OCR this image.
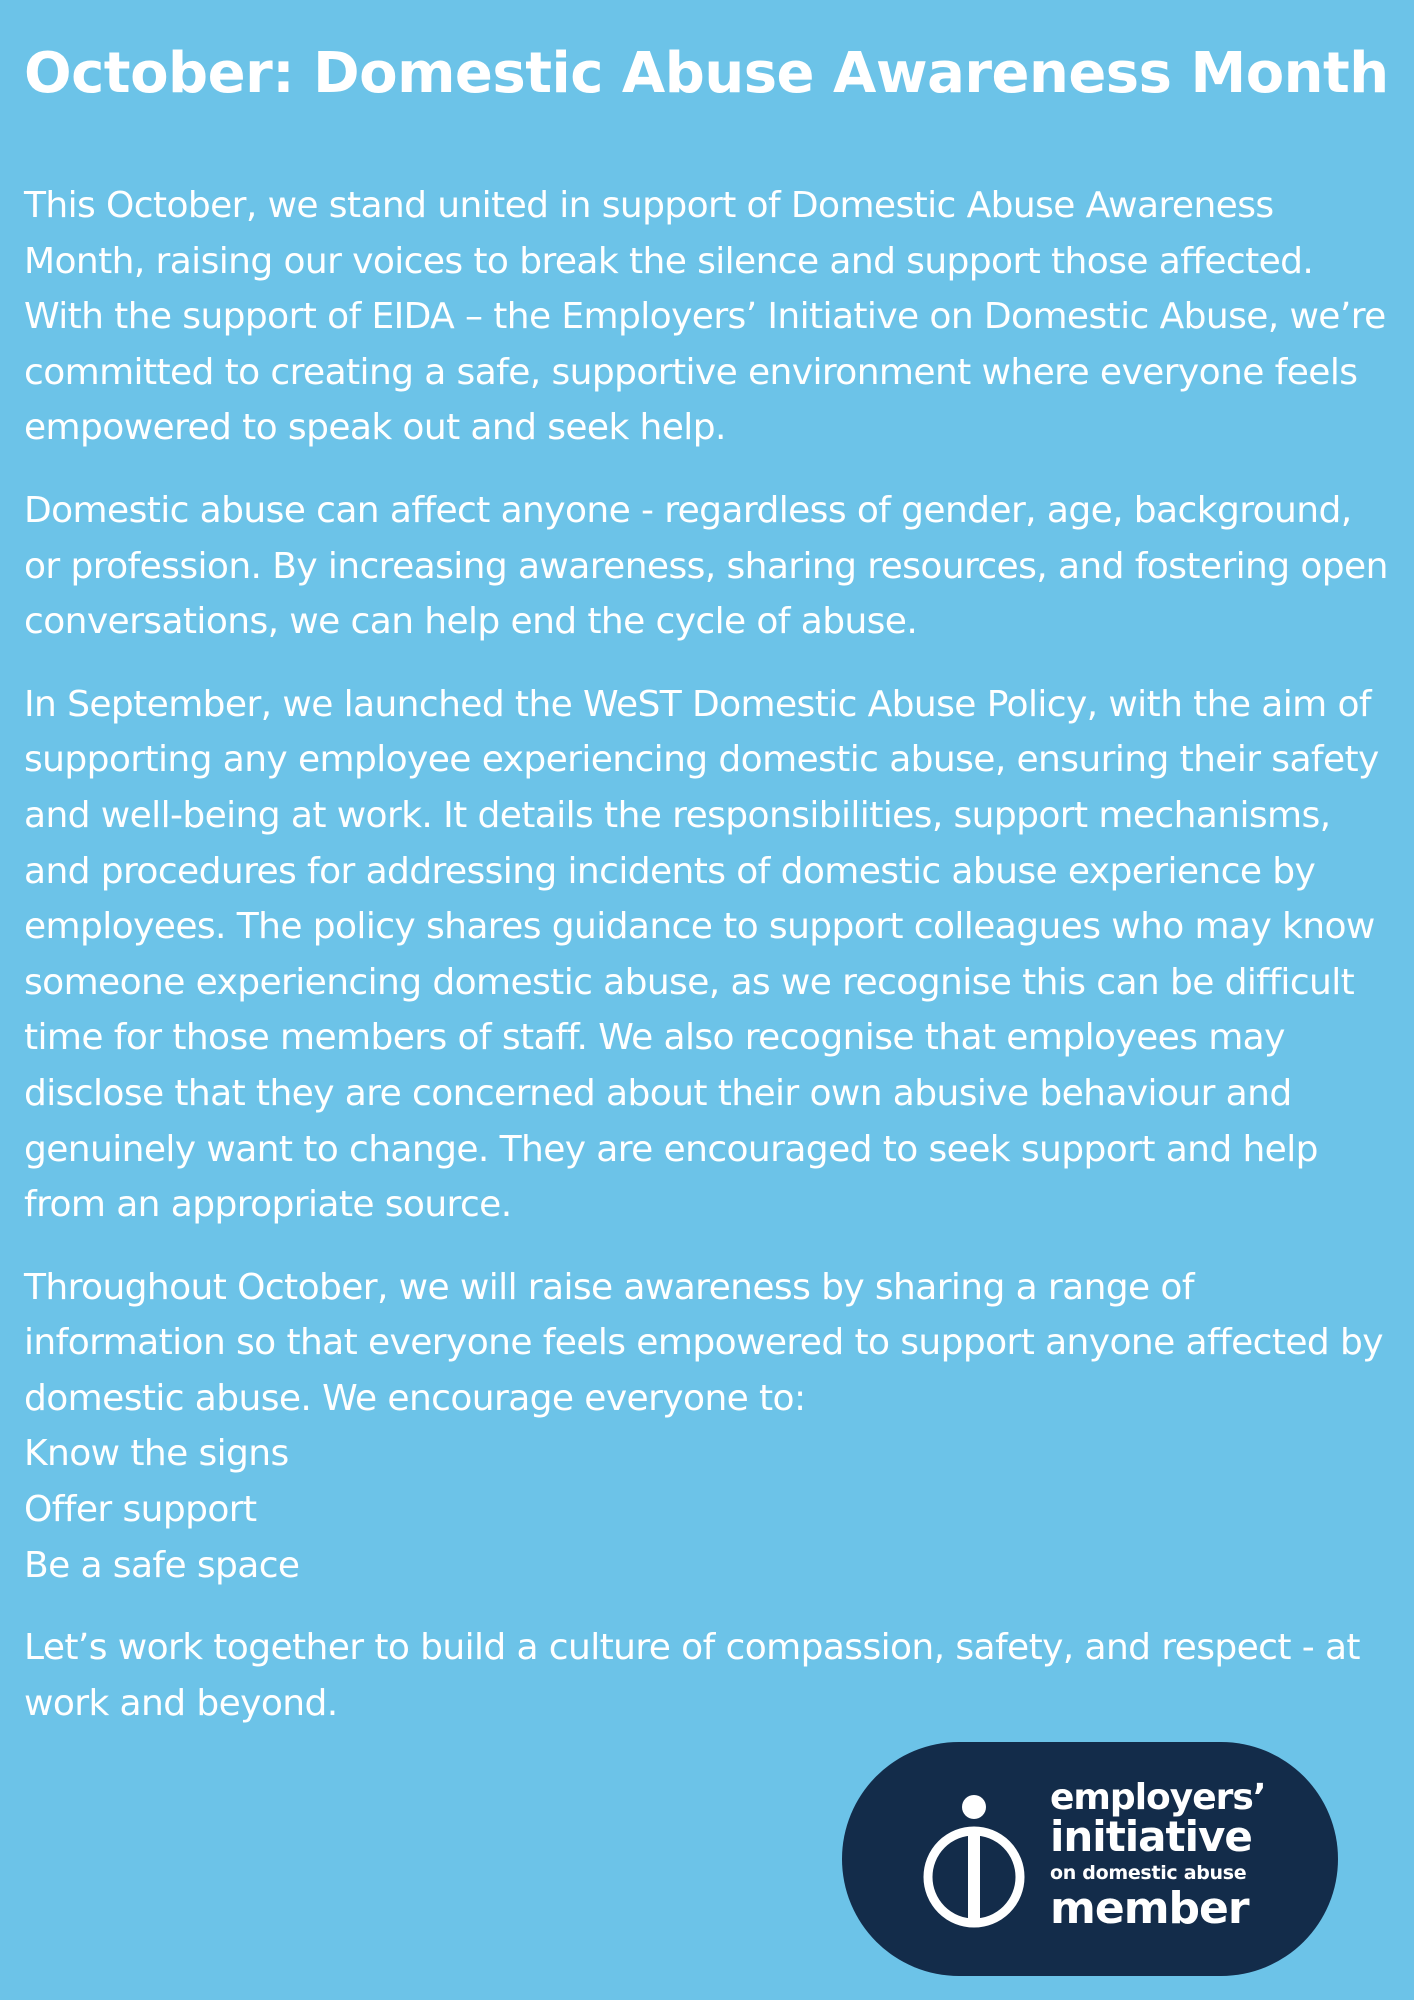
October: Domestic Abuse Awareness Month

This October, we stand united in support of Domestic Abuse Awareness Month, raising our voices to break the silence and support those affected. With the support of EIDA – the Employers’ Initiative on Domestic Abuse, we’re committed to creating a safe, supportive environment where everyone feels empowered to speak out and seek help.

Domestic abuse can affect anyone - regardless of gender, age, background, or profession. By increasing awareness, sharing resources, and fostering open conversations, we can help end the cycle of abuse.

In September, we launched the WeST Domestic Abuse Policy, with the aim of supporting any employee experiencing domestic abuse, ensuring their safety and well-being at work. It details the responsibilities, support mechanisms, and procedures for addressing incidents of domestic abuse experience by employees. The policy shares guidance to support colleagues who may know someone experiencing domestic abuse, as we recognise this can be difficult time for those members of staff. We also recognise that employees may disclose that they are concerned about their own abusive behaviour and genuinely want to change. They are encouraged to seek support and help from an appropriate source.

Throughout October, we will raise awareness by sharing a range of information so that everyone feels empowered to support anyone affected by domestic abuse. We encourage everyone to:

Know the signs
Offer support
Be a safe space

Let’s work together to build a culture of compassion, safety, and respect - at work and beyond.

employers’
initiative
on domestic abuse
member
